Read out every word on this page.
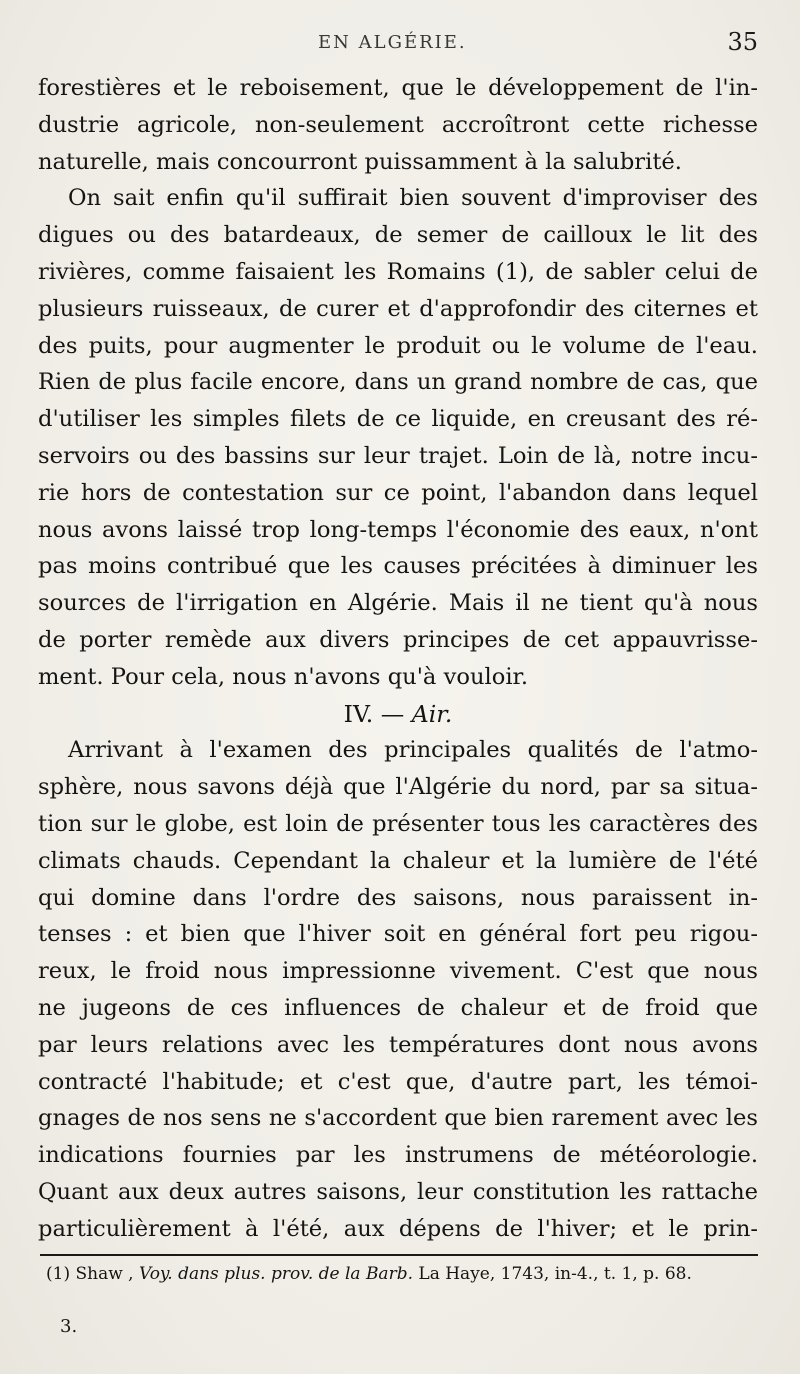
EN ALGÉRIE.	35
forestières et le reboisement, que le développement de l'in-
dustrie agricole, non-seulement accroîtront cette richesse
naturelle, mais concourront puissamment à la salubrité.
On sait enfin qu'il suffirait bien souvent d'improviser des
digues ou des batardeaux, de semer de cailloux le lit des
rivières, comme faisaient les Romains (1), de sabler celui de
plusieurs ruisseaux, de curer et d'approfondir des citernes et
des puits, pour augmenter le produit ou le volume de l'eau.
Rien de plus facile encore, dans un grand nombre de cas, que
d'utiliser les simples filets de ce liquide, en creusant des ré-
servoirs ou des bassins sur leur trajet. Loin de là, notre incu-
rie hors de contestation sur ce point, l'abandon dans lequel
nous avons laissé trop long-temps l'économie des eaux, n'ont
pas moins contribué que les causes précitées à diminuer les
sources de l'irrigation en Algérie. Mais il ne tient qu'à nous
de porter remède aux divers principes de cet appauvrisse-
ment. Pour cela, nous n'avons qu'à vouloir.
IV. — Air.
Arrivant à l'examen des principales qualités de l'atmo-
sphère, nous savons déjà que l'Algérie du nord, par sa situa-
tion sur le globe, est loin de présenter tous les caractères des
climats chauds. Cependant la chaleur et la lumière de l'été
qui domine dans l'ordre des saisons, nous paraissent in-
tenses : et bien que l'hiver soit en général fort peu rigou-
reux, le froid nous impressionne vivement. C'est que nous
ne jugeons de ces influences de chaleur et de froid que
par leurs relations avec les températures dont nous avons
contracté l'habitude; et c'est que, d'autre part, les témoi-
gnages de nos sens ne s'accordent que bien rarement avec les
indications fournies par les instrumens de météorologie.
Quant aux deux autres saisons, leur constitution les rattache
particulièrement à l'été, aux dépens de l'hiver; et le prin-
(1) Shaw , Voy. dans plus. prov. de la Barb. La Haye, 1743, in-4., t. 1, p. 68.
3.
